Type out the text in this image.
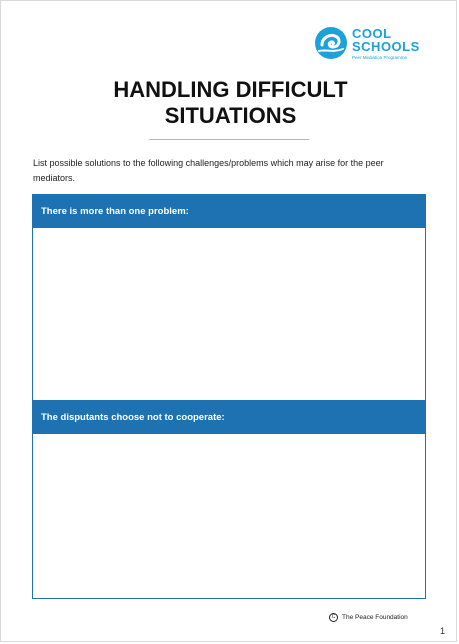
COOL
SCHOOLS
Peer Mediation Programme
HANDLING DIFFICULT
SITUATIONS
List possible solutions to the following challenges/problems which may arise for the peer mediators.
There is more than one problem:
The disputants choose not to cooperate:
C The Peace Foundation
1
